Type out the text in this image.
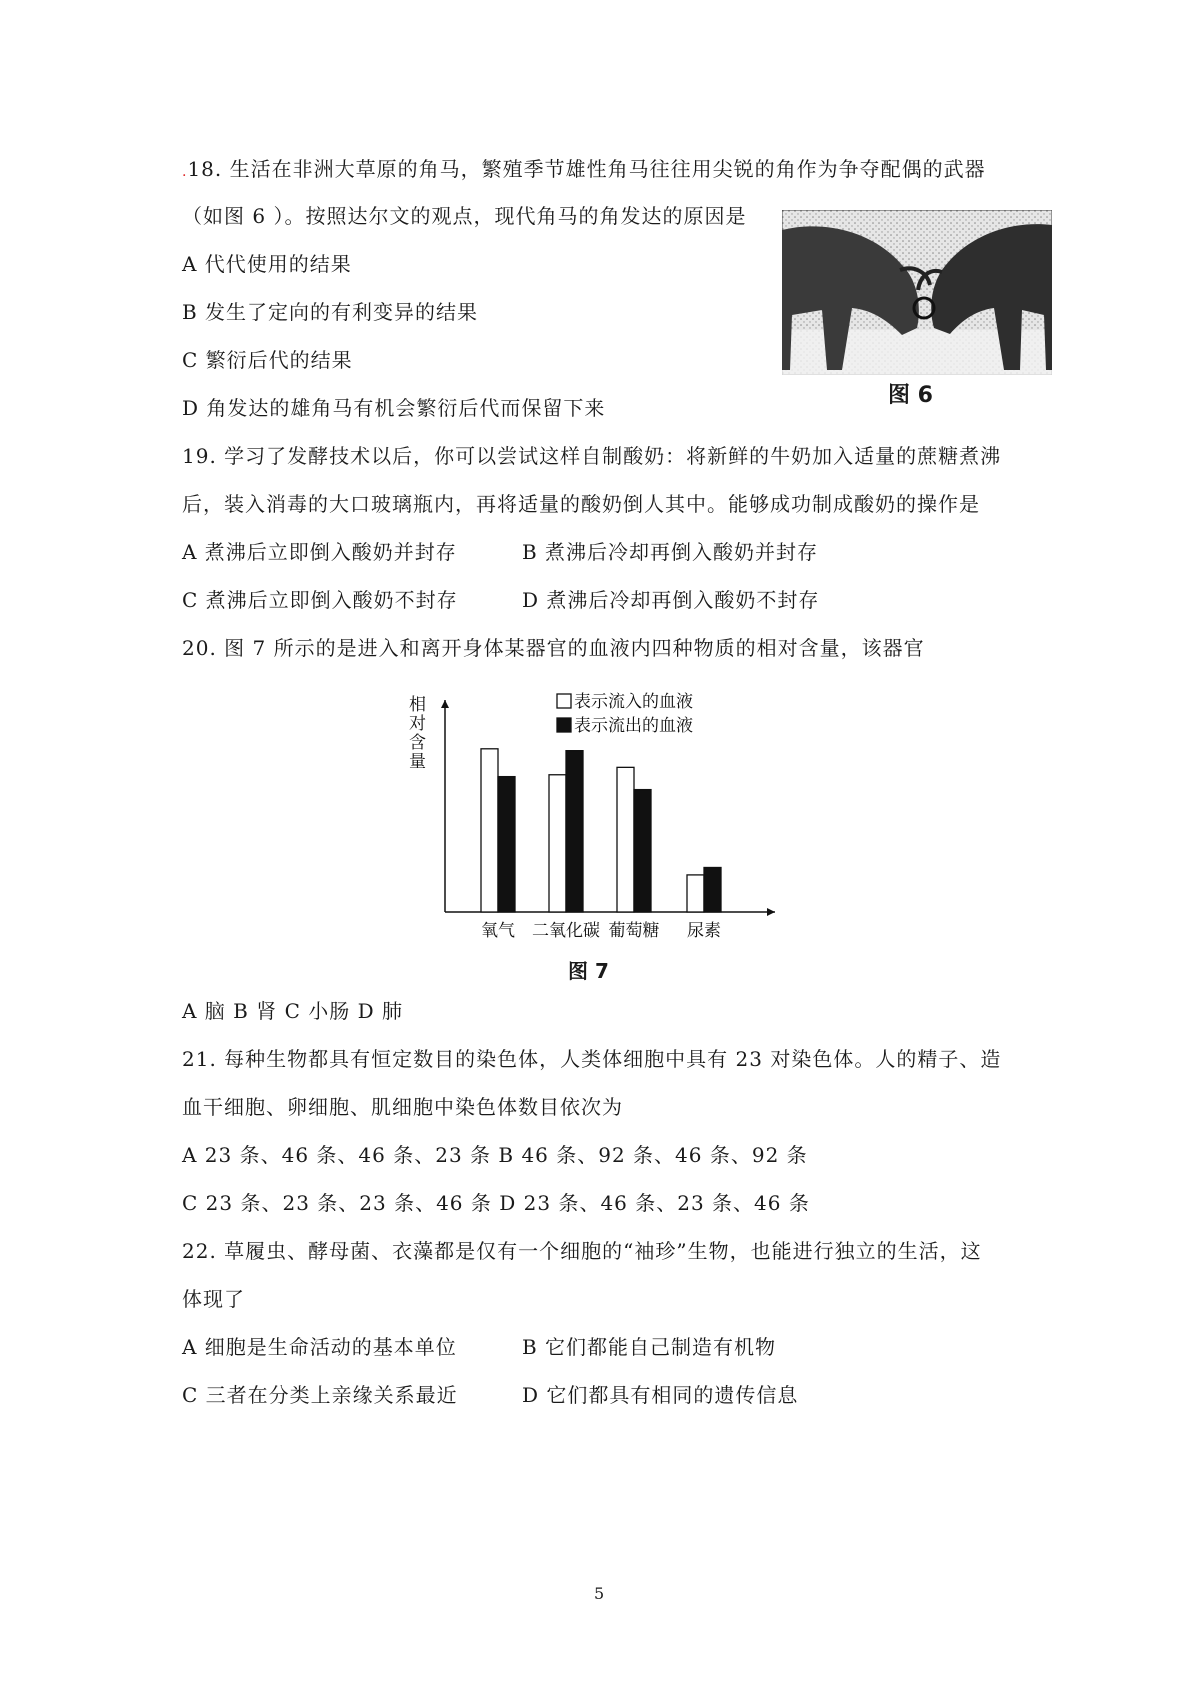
.18. 生活在非洲大草原的角马，繁殖季节雄性角马往往用尖锐的角作为争夺配偶的武器
（如图 6 ）。按照达尔文的观点，现代角马的角发达的原因是
A 代代使用的结果
B 发生了定向的有利变异的结果
C 繁衍后代的结果
D 角发达的雄角马有机会繁衍后代而保留下来	图 6
19. 学习了发酵技术以后，你可以尝试这样自制酸奶：将新鲜的牛奶加入适量的蔗糖煮沸
后，装入消毒的大口玻璃瓶内，再将适量的酸奶倒人其中。能够成功制成酸奶的操作是
A 煮沸后立即倒入酸奶并封存	B 煮沸后冷却再倒入酸奶并封存
C 煮沸后立即倒入酸奶不封存	D 煮沸后冷却再倒入酸奶不封存
20. 图 7 所示的是进入和离开身体某器官的血液内四种物质的相对含量，该器官
相对含量
氧气 二氧化碳 葡萄糖 尿素
表示流入的血液
表示流出的血液
图 7
A 脑 B 肾 C 小肠 D 肺
21. 每种生物都具有恒定数目的染色体，人类体细胞中具有 23 对染色体。人的精子、造
血干细胞、卵细胞、肌细胞中染色体数目依次为
A 23 条、46 条、46 条、23 条 B 46 条、92 条、46 条、92 条
C 23 条、23 条、23 条、46 条 D 23 条、46 条、23 条、46 条
22. 草履虫、酵母菌、衣藻都是仅有一个细胞的“袖珍”生物，也能进行独立的生活，这
体现了
A 细胞是生命活动的基本单位	B 它们都能自己制造有机物
C 三者在分类上亲缘关系最近	D 它们都具有相同的遗传信息
5
